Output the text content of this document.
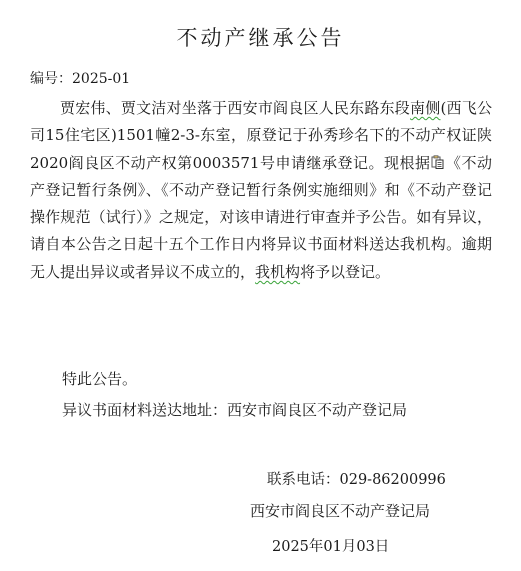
不动产继承公告
编号：2025-01

贾宏伟、贾文洁对坐落于西安市阎良区人民东路东段南侧(西飞公司15住宅区)1501幢2-3-东室，原登记于孙秀珍名下的不动产权证陕2020阎良区不动产权第0003571号申请继承登记。现根据 《不动产登记暂行条例》、《不动产登记暂行条例实施细则》和《不动产登记操作规范（试行）》之规定，对该申请进行审查并予公告。如有异议，请自本公告之日起十五个工作日内将异议书面材料送达我机构。逾期无人提出异议或者异议不成立的，我机构将予以登记。

特此公告。
异议书面材料送达地址：西安市阎良区不动产登记局
联系电话：029-86200996
西安市阎良区不动产登记局
2025年01月03日
